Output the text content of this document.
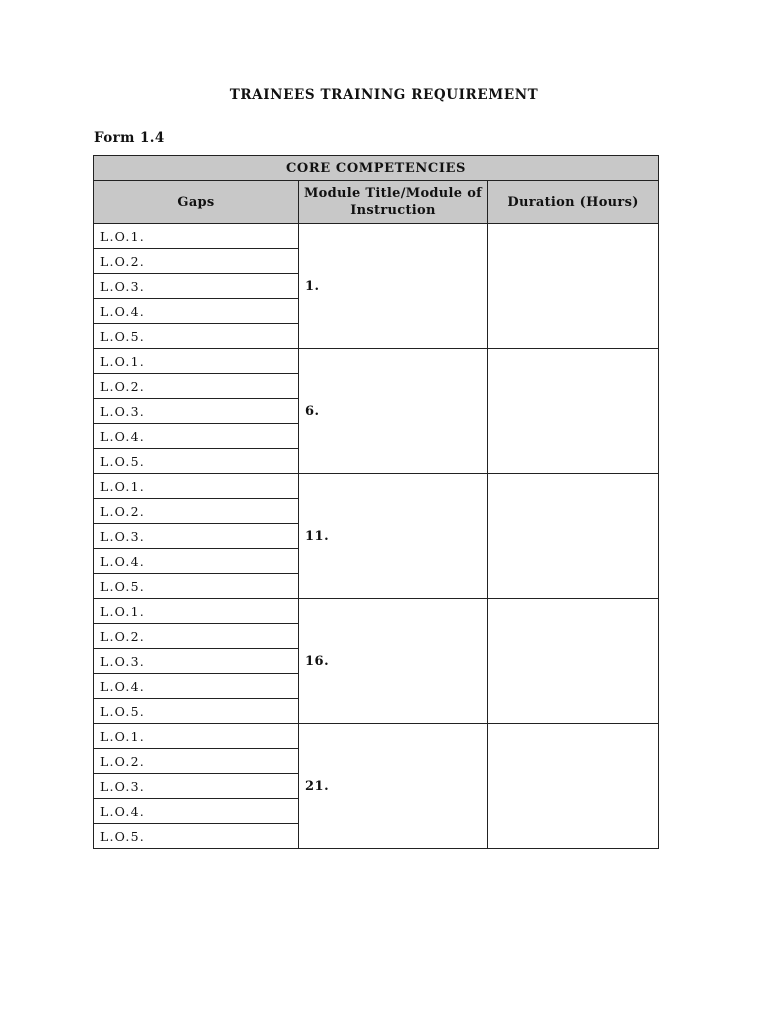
TRAINEES TRAINING REQUIREMENT
Form 1.4
CORE COMPETENCIES		
Gaps	Module Title/Module of Instruction	Duration (Hours)
L.O.1.	1.	
L.O.2.		
L.O.3.		
L.O.4.		
L.O.5.		
L.O.1.	6.	
L.O.2.		
L.O.3.		
L.O.4.		
L.O.5.		
L.O.1.	11.	
L.O.2.		
L.O.3.		
L.O.4.		
L.O.5.		
L.O.1.	16.	
L.O.2.		
L.O.3.		
L.O.4.		
L.O.5.		
L.O.1.	21.	
L.O.2.		
L.O.3.		
L.O.4.		
L.O.5.		
